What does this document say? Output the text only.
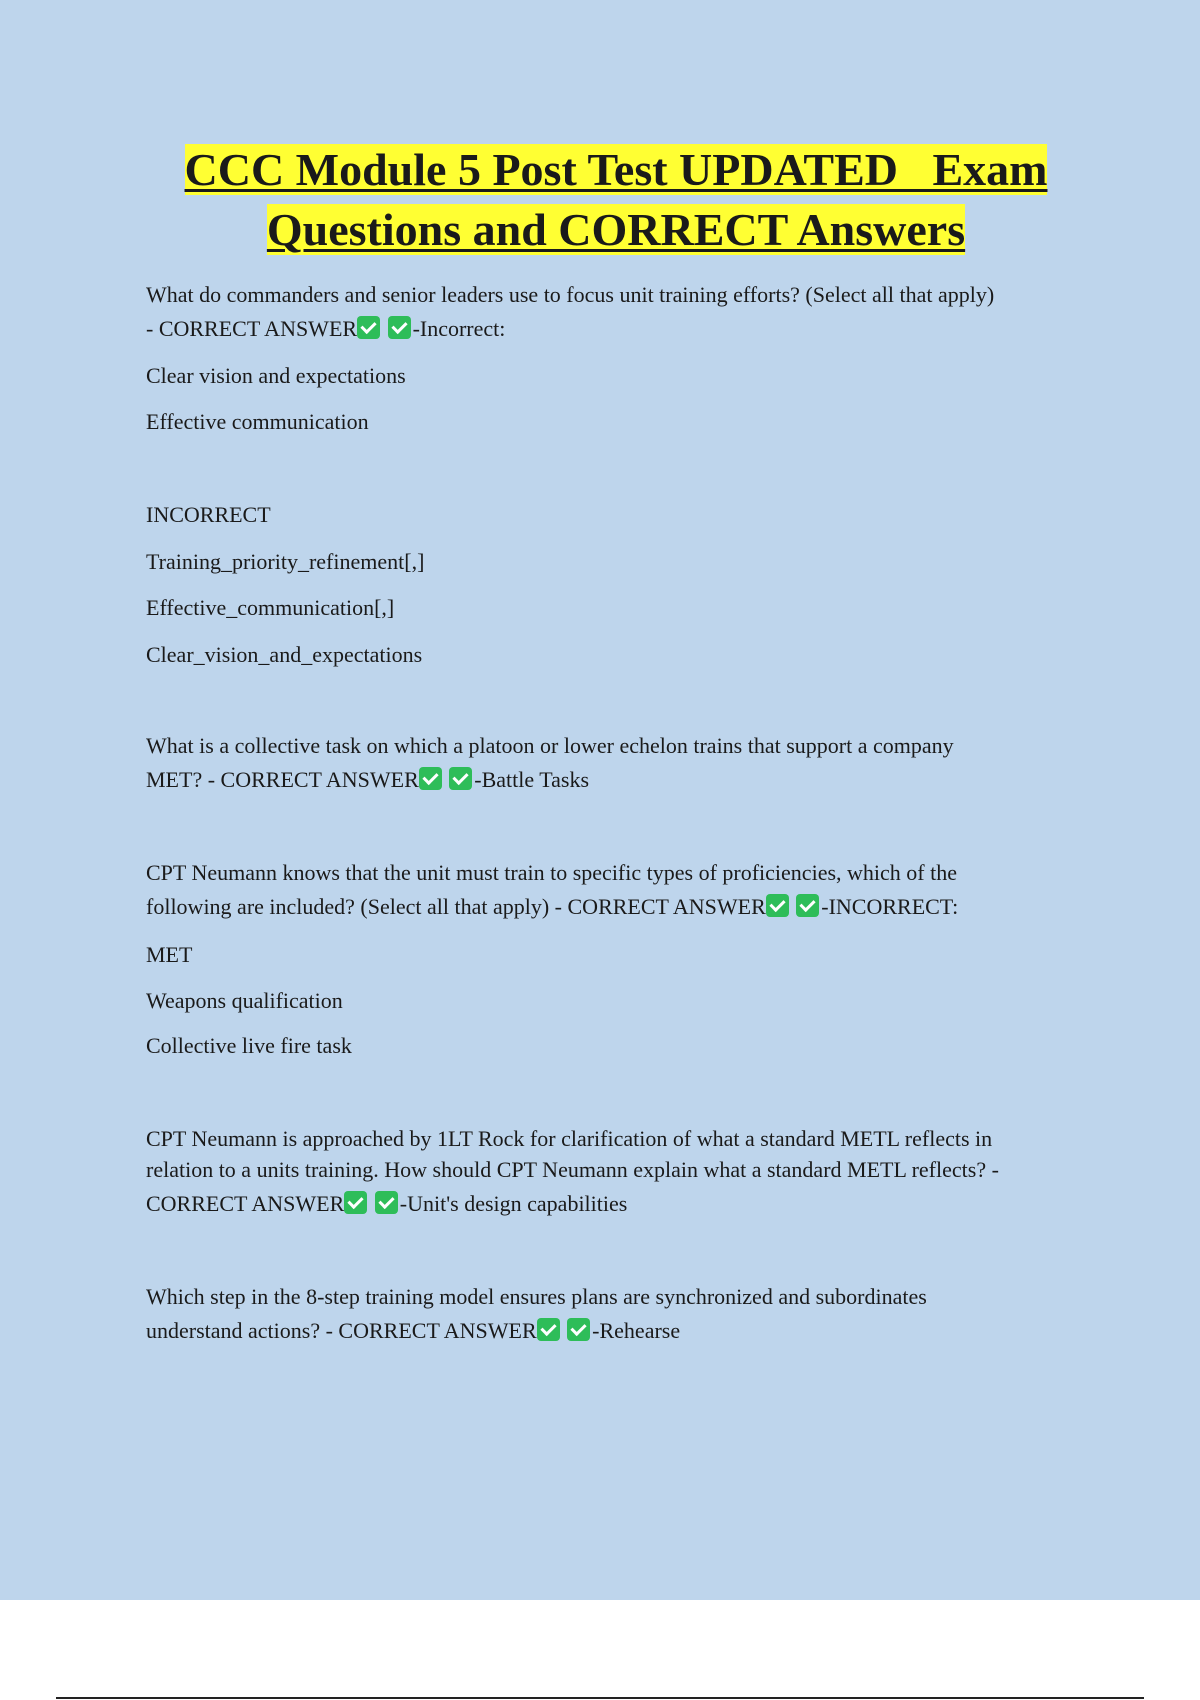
CCC Module 5 Post Test UPDATED   Exam
Questions and CORRECT Answers

What do commanders and senior leaders use to focus unit training efforts? (Select all that apply)

- CORRECT ANSWER	-Incorrect:

Clear vision and expectations

Effective communication

INCORRECT

Training_priority_refinement[,]

Effective_communication[,]

Clear_vision_and_expectations

What is a collective task on which a platoon or lower echelon trains that support a company

MET? - CORRECT ANSWER	-Battle Tasks

CPT Neumann knows that the unit must train to specific types of proficiencies, which of the

following are included? (Select all that apply) - CORRECT ANSWER	-INCORRECT:

MET

Weapons qualification

Collective live fire task

CPT Neumann is approached by 1LT Rock for clarification of what a standard METL reflects in

relation to a units training. How should CPT Neumann explain what a standard METL reflects? -

CORRECT ANSWER	-Unit's design capabilities

Which step in the 8-step training model ensures plans are synchronized and subordinates

understand actions? - CORRECT ANSWER	-Rehearse
